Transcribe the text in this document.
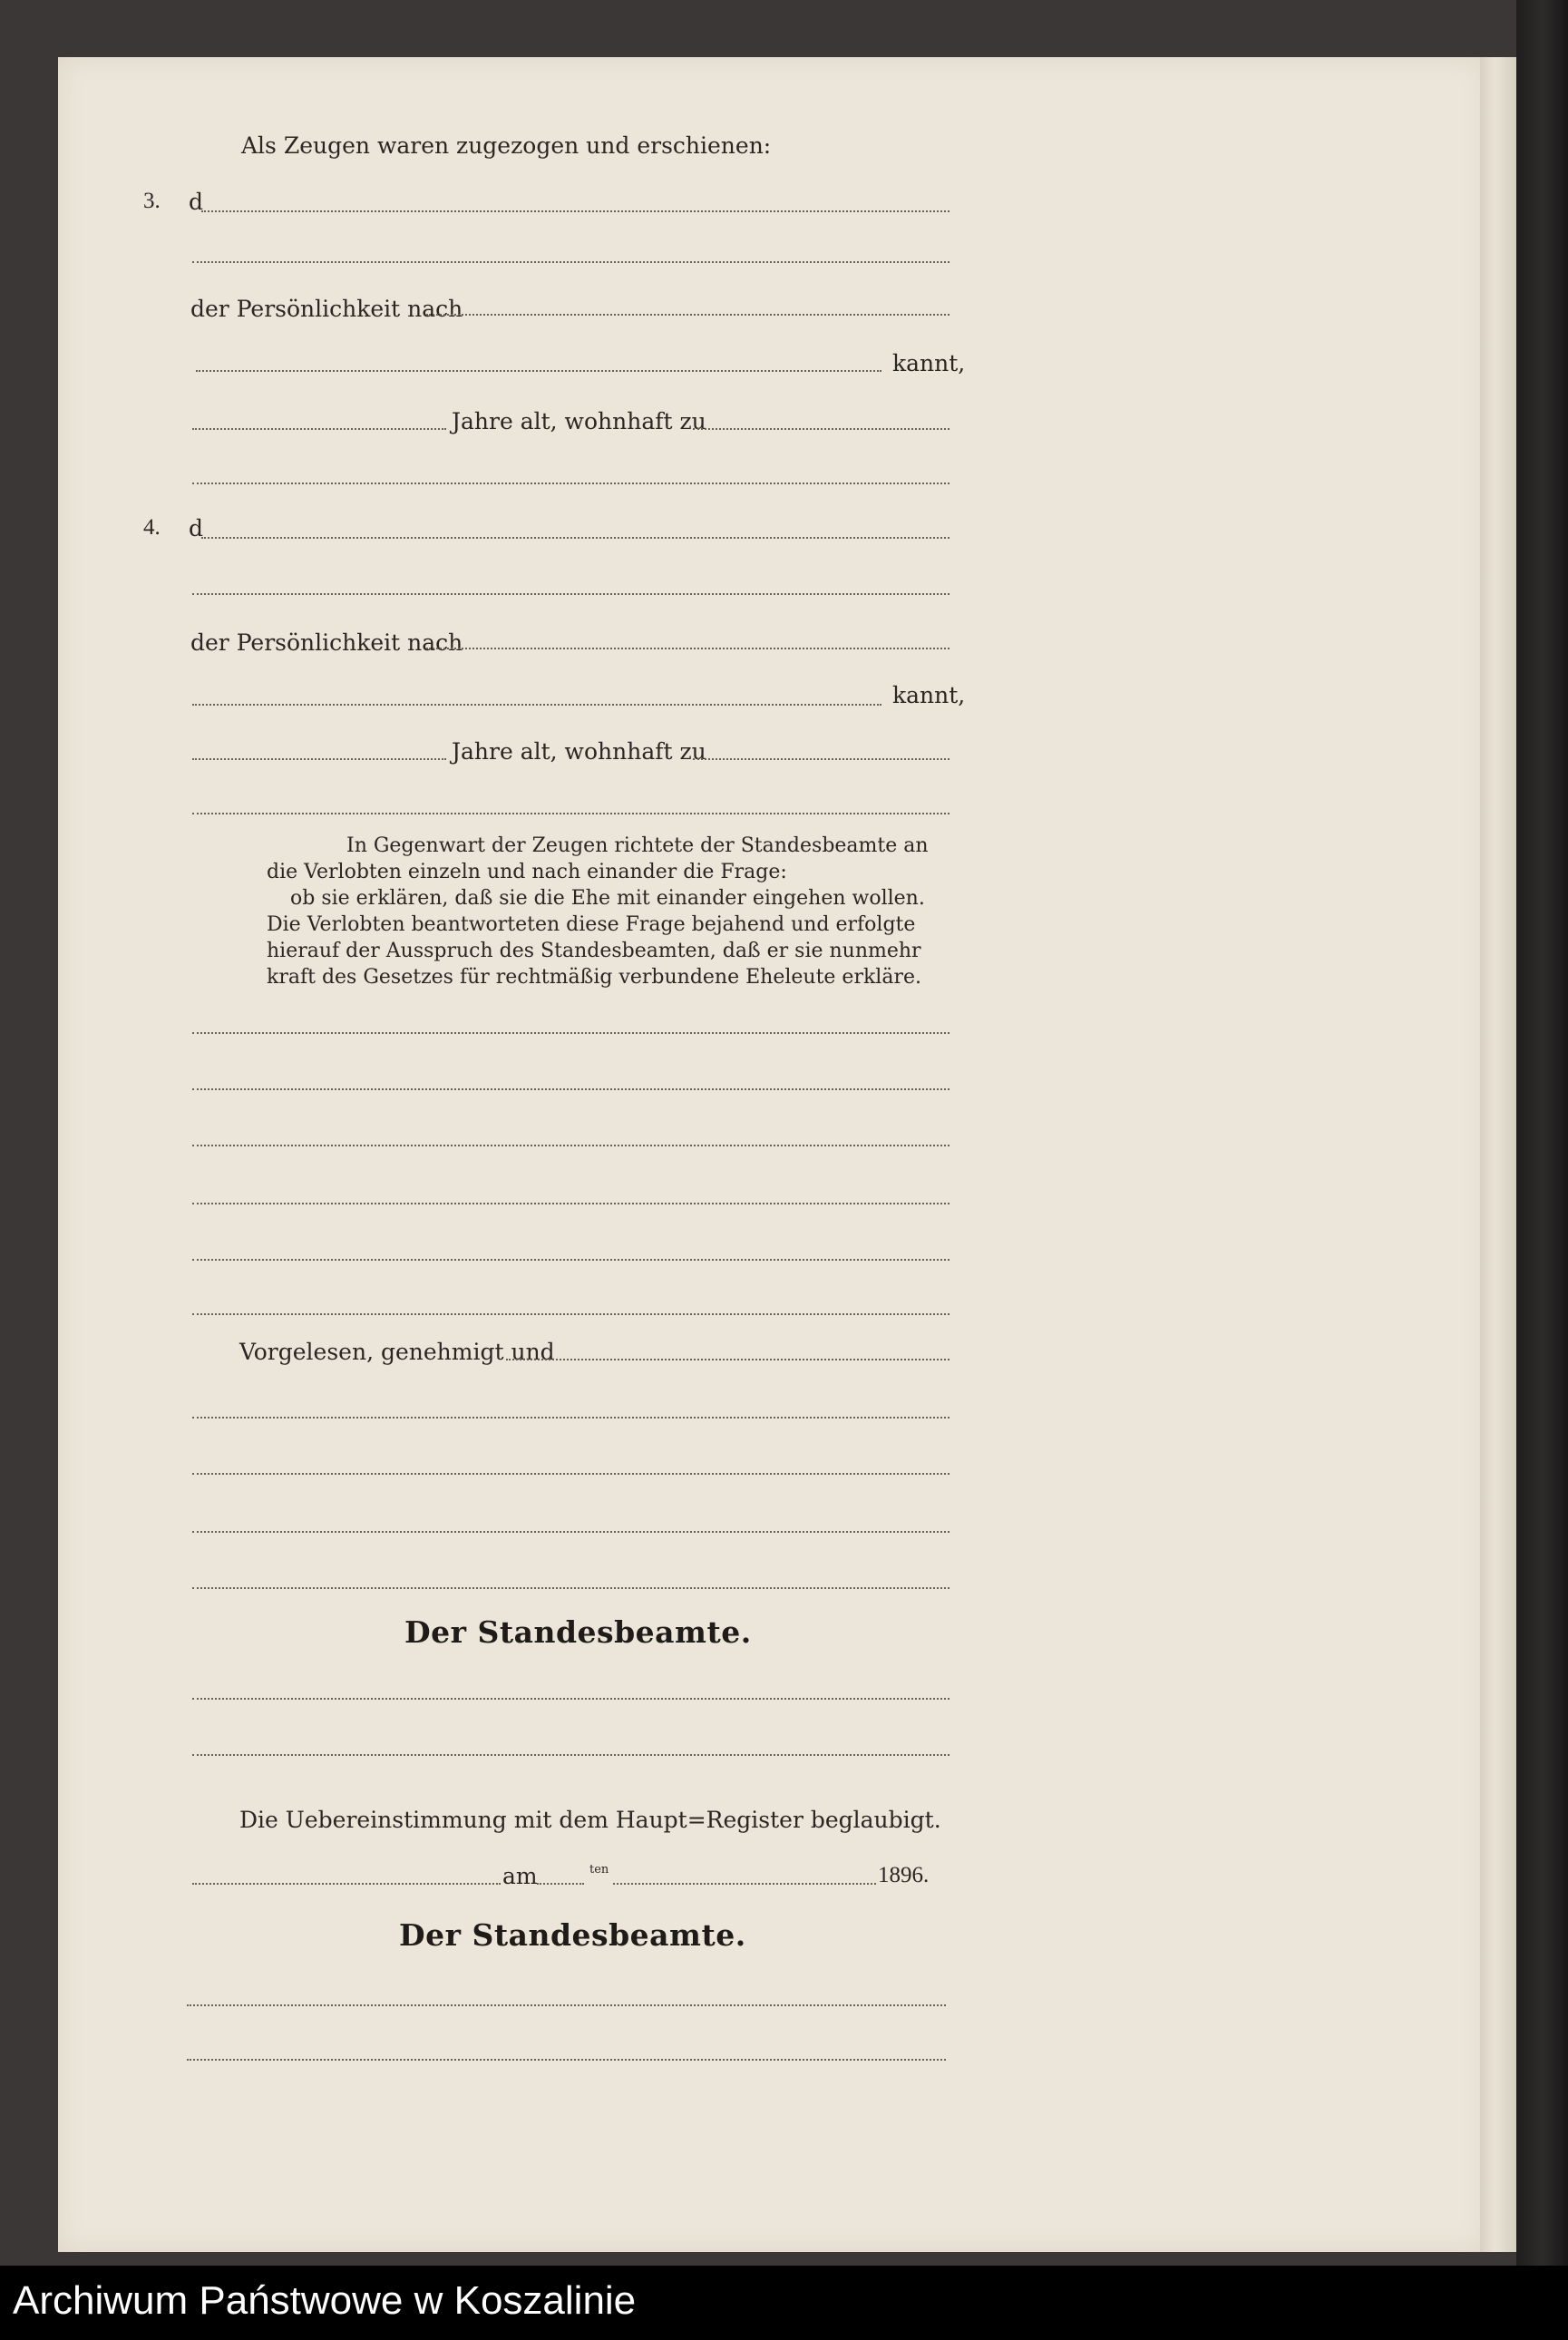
Als Zeugen waren zugezogen und erschienen:
3. d
der Persönlichkeit nach
kannt,
Jahre alt, wohnhaft zu
4. d
der Persönlichkeit nach
kannt,
Jahre alt, wohnhaft zu
In Gegenwart der Zeugen richtete der Standesbeamte an
die Verlobten einzeln und nach einander die Frage:
ob sie erklären, daß sie die Ehe mit einander eingehen wollen.
Die Verlobten beantworteten diese Frage bejahend und erfolgte
hierauf der Ausspruch des Standesbeamten, daß er sie nunmehr
kraft des Gesetzes für rechtmäßig verbundene Eheleute erkläre.
Vorgelesen, genehmigt und
Der Standesbeamte.
Die Uebereinstimmung mit dem Haupt=Register beglaubigt.
am	ten	1896.
Der Standesbeamte.
Archiwum Państwowe w Koszalinie
